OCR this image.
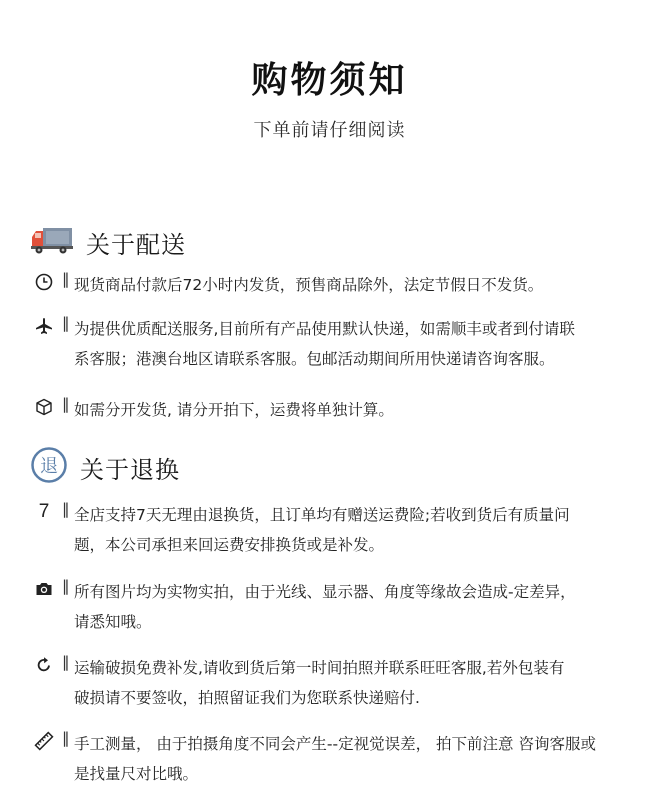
购物须知
下单前请仔细阅读
关于配送
‖ 现货商品付款后72小时内发货，预售商品除外，法定节假日不发货。
‖ 为提供优质配送服务,目前所有产品使用默认快递，如需顺丰或者到付请联
系客服；港澳台地区请联系客服。包邮活动期间所用快递请咨询客服。
‖ 如需分开发货, 请分开拍下，运费将单独计算。
退 关于退换
7 ‖ 全店支持7天无理由退换货，且订单均有赠送运费险;若收到货后有质量问
题，本公司承担来回运费安排换货或是补发。
‖ 所有图片均为实物实拍，由于光线、显示器、角度等缘故会造成-定差异，
请悉知哦。
‖ 运输破损免费补发,请收到货后第一时间拍照并联系旺旺客服,若外包装有
破损请不要签收，拍照留证我们为您联系快递赔付.
‖ 手工测量， 由于拍摄角度不同会产生--定视觉误差， 拍下前注意 咨询客服或
是找量尺对比哦。
